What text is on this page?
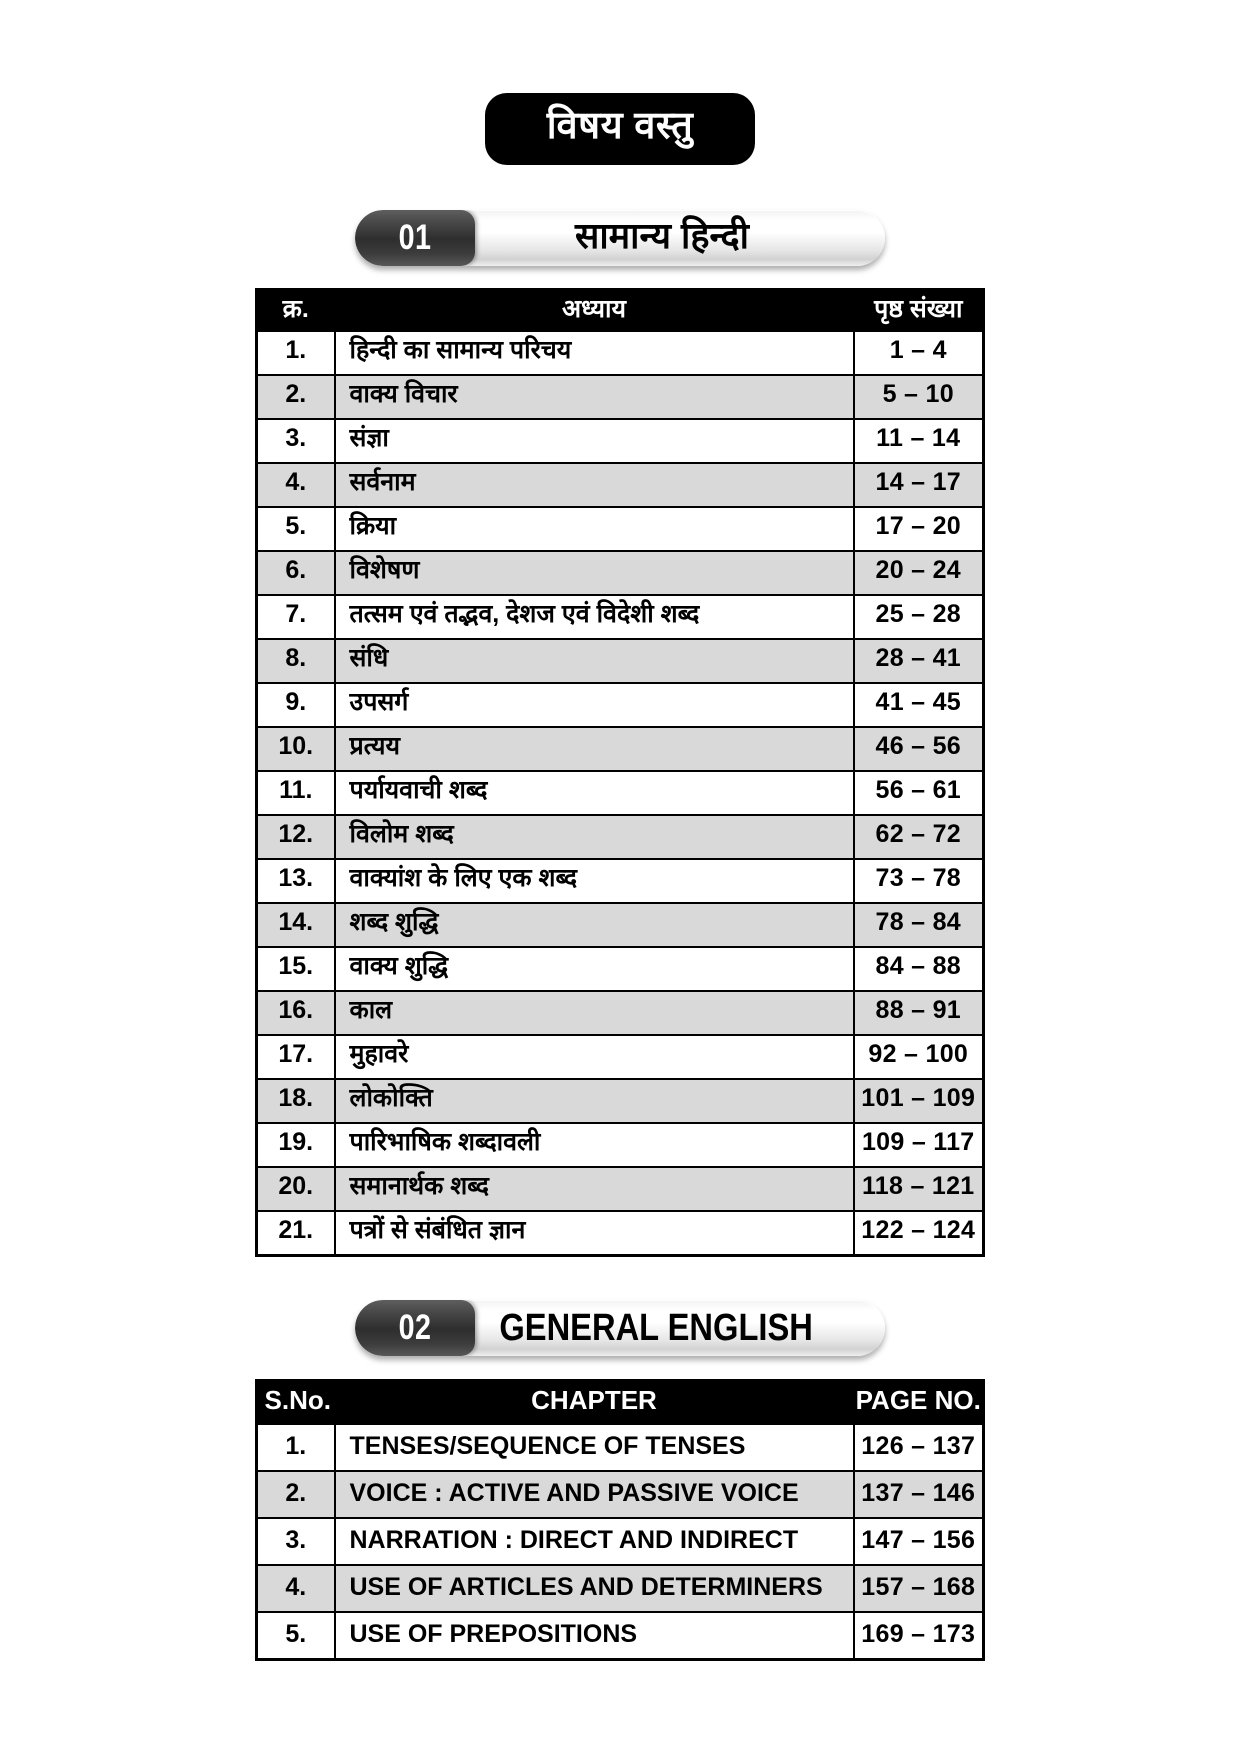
विषय वस्तु
01	सामान्य हिन्दी
क्र.	अध्याय	पृष्ठ संख्या
1.	हिन्दी का सामान्य परिचय	1 – 4
2.	वाक्य विचार	5 – 10
3.	संज्ञा	11 – 14
4.	सर्वनाम	14 – 17
5.	क्रिया	17 – 20
6.	विशेषण	20 – 24
7.	तत्सम एवं तद्भव, देशज एवं विदेशी शब्द	25 – 28
8.	संधि	28 – 41
9.	उपसर्ग	41 – 45
10.	प्रत्यय	46 – 56
11.	पर्यायवाची शब्द	56 – 61
12.	विलोम शब्द	62 – 72
13.	वाक्यांश के लिए एक शब्द	73 – 78
14.	शब्द शुद्धि	78 – 84
15.	वाक्य शुद्धि	84 – 88
16.	काल	88 – 91
17.	मुहावरे	92 – 100
18.	लोकोक्ति	101 – 109
19.	पारिभाषिक शब्दावली	109 – 117
20.	समानार्थक शब्द	118 – 121
21.	पत्रों से संबंधित ज्ञान	122 – 124
02	GENERAL ENGLISH
S.No.	CHAPTER	PAGE NO.
1.	TENSES/SEQUENCE OF TENSES	126 – 137
2.	VOICE : ACTIVE AND PASSIVE VOICE	137 – 146
3.	NARRATION : DIRECT AND INDIRECT	147 – 156
4.	USE OF ARTICLES AND DETERMINERS	157 – 168
5.	USE OF PREPOSITIONS	169 – 173
